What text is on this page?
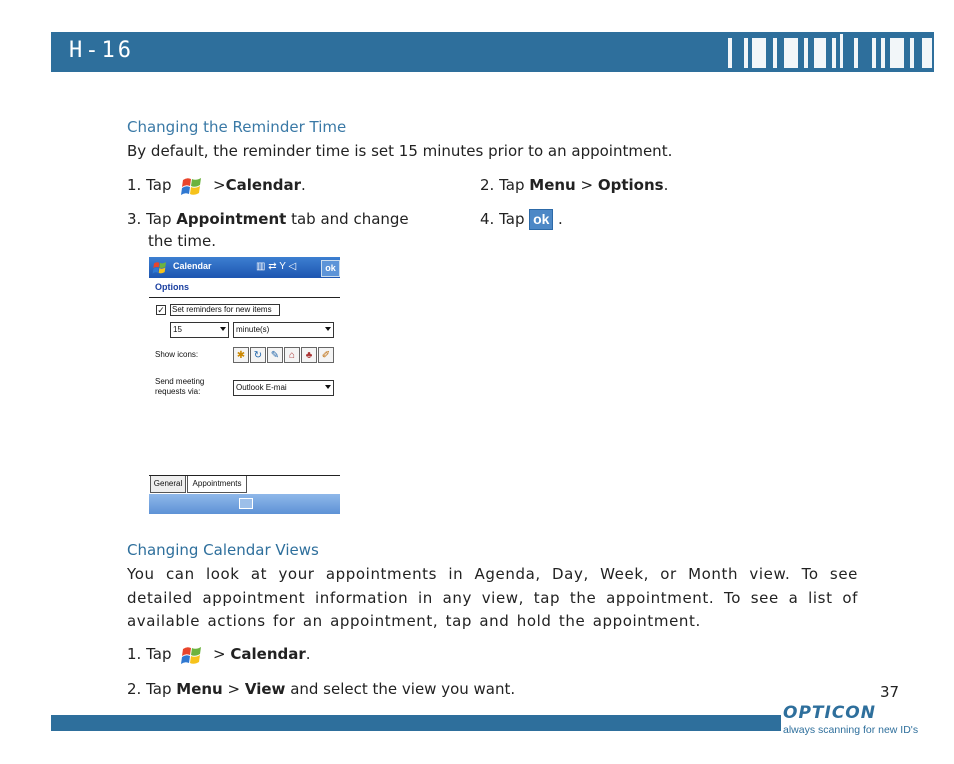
H-16
Changing the Reminder Time
By default, the reminder time is set 15 minutes prior to an appointment.
1. Tap	>Calendar.	2. Tap Menu > Options.
3. Tap Appointment tab and change
the time.
4. Tap ok .
Calendar	▥ ⇄ Y ◁	ok
Options
✓ Set reminders for new items
15	minute(s)
Show icons:	✱ ↻ ✎ ⌂	♣ ✐
Send meeting
requests via:	Outlook E-mai
General	Appointments
Changing Calendar Views
You can look at your appointments in Agenda, Day, Week, or Month view. To see detailed appointment information in any view, tap the appointment. To see a list of available actions for an appointment, tap and hold the appointment.
1. Tap	> Calendar.
2. Tap Menu > View and select the view you want.	37
OPTICON
always scanning for new ID's
